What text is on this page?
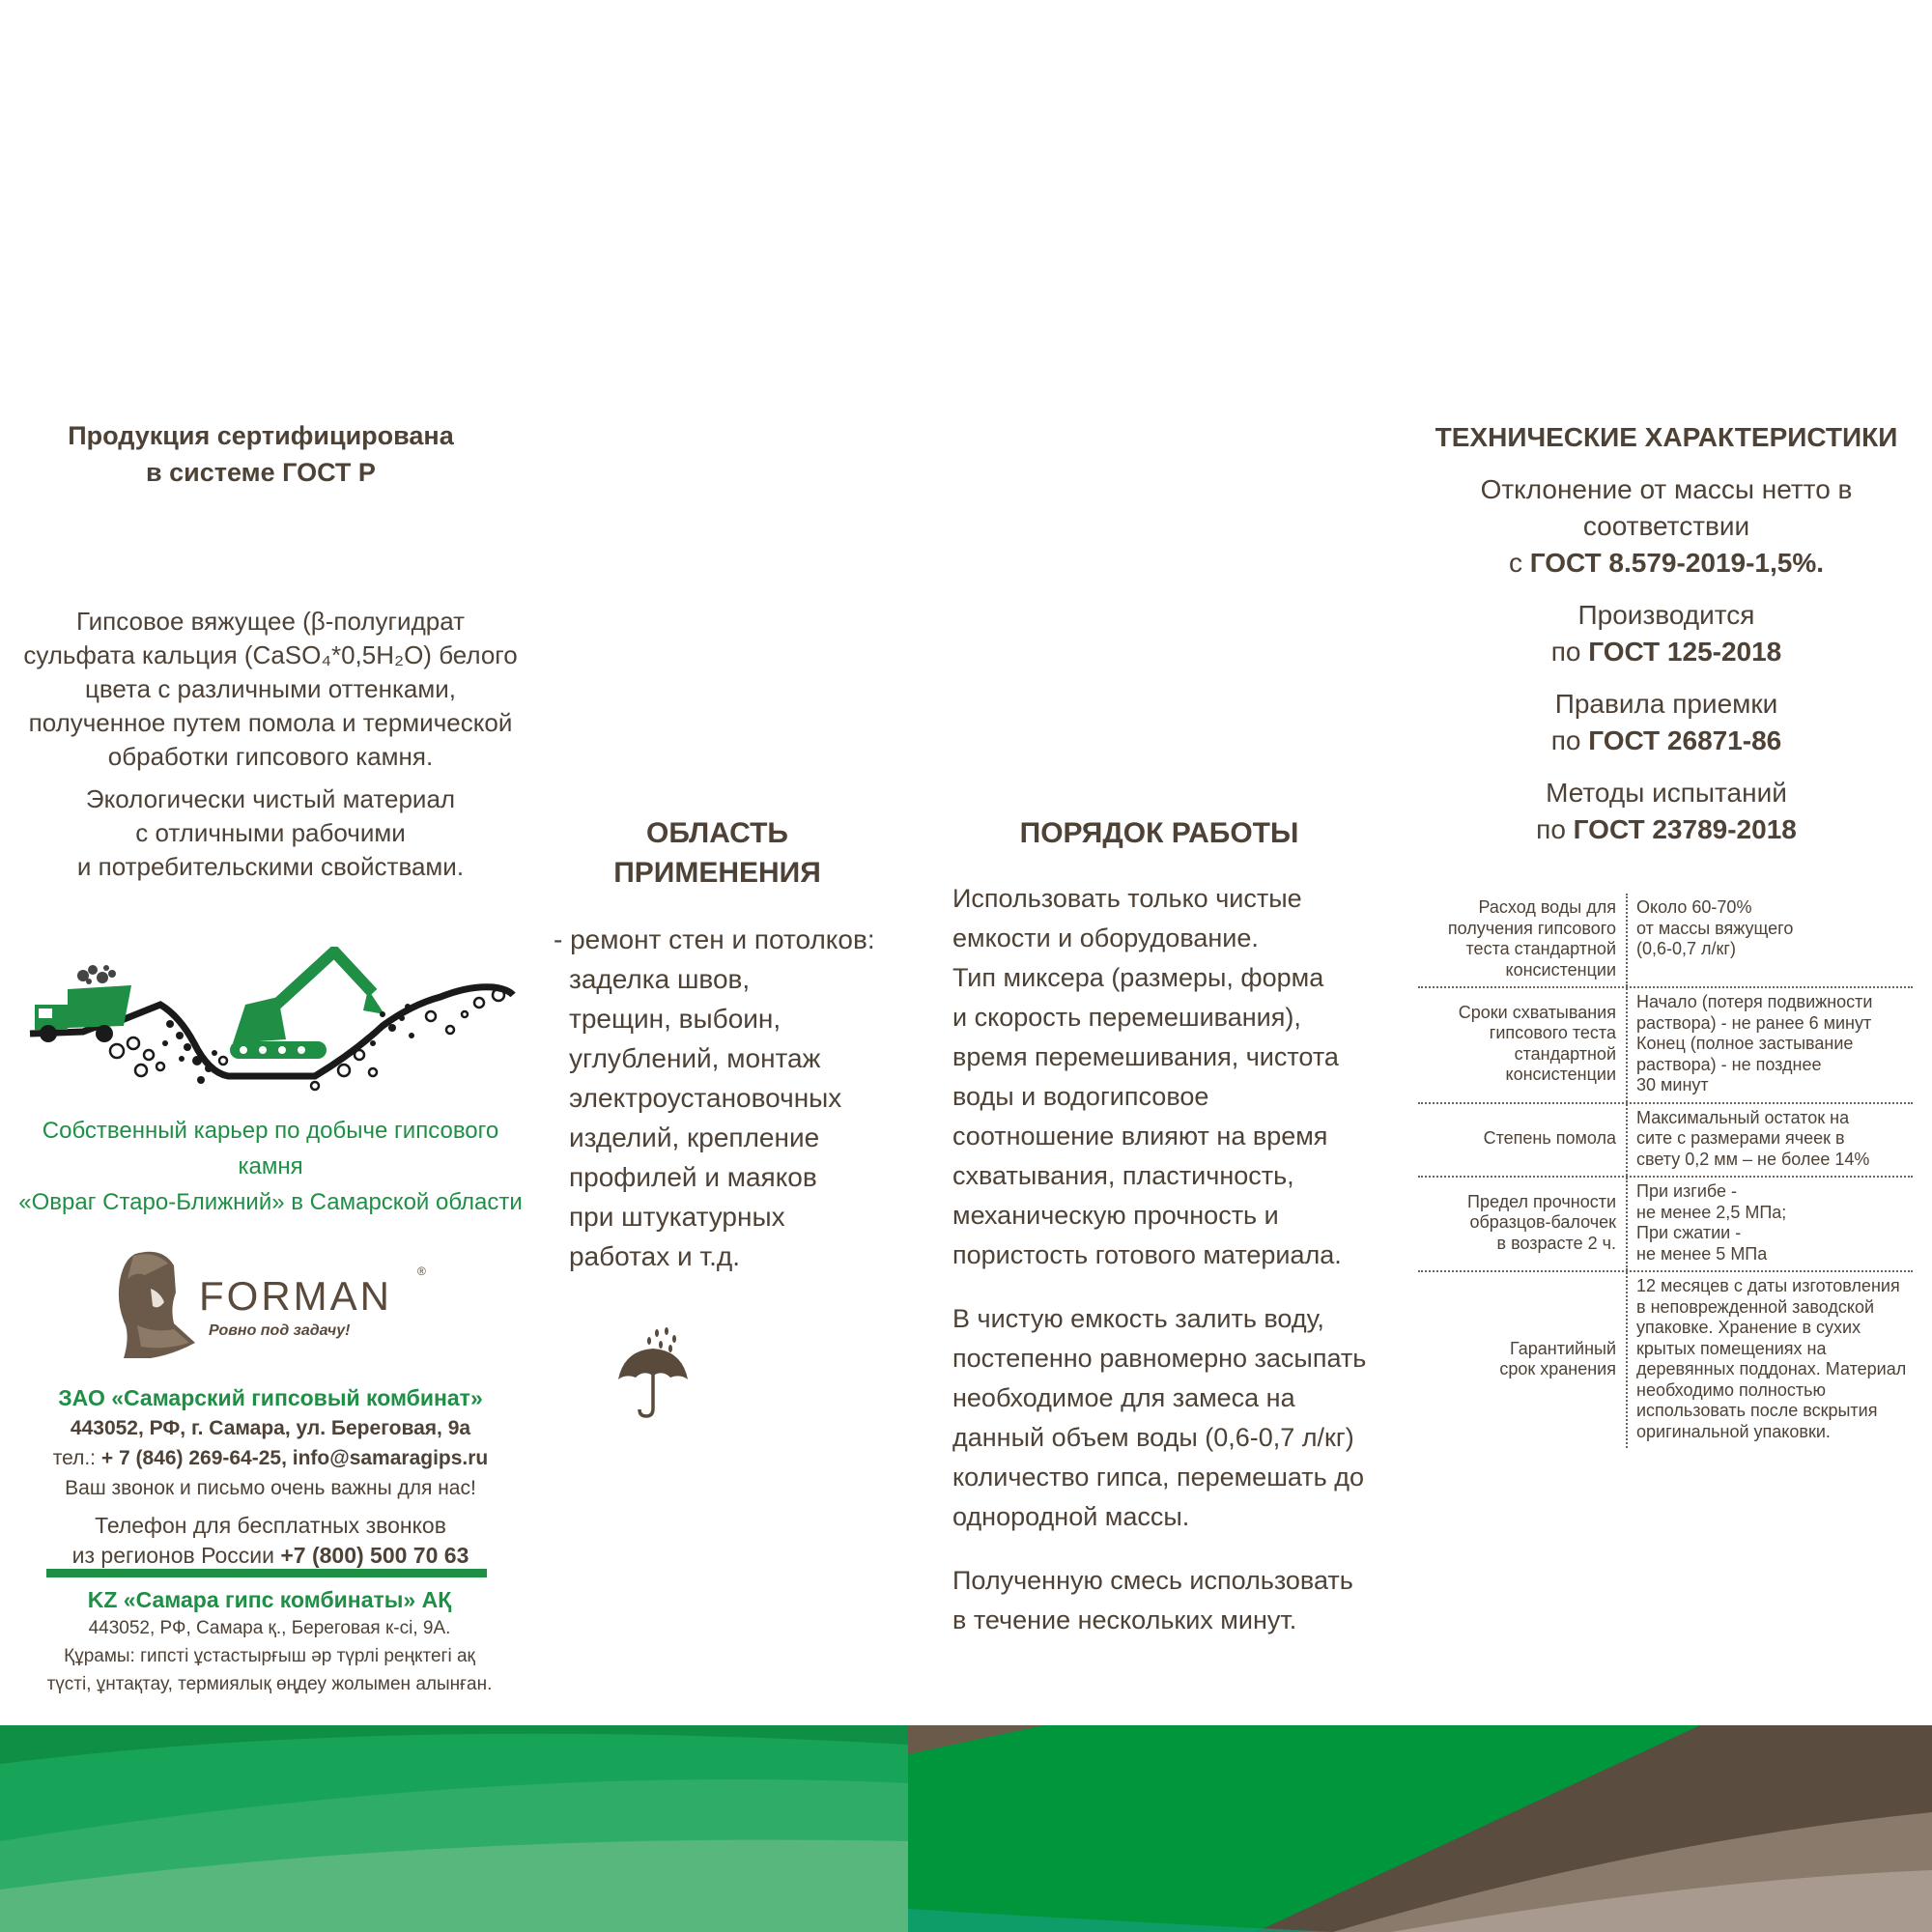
Продукция сертифицирована
в системе ГОСТ Р

Гипсовое вяжущее (β-полугидрат
сульфата кальция (CaSO₄*0,5H₂O) белого
цвета с различными оттенками,
полученное путем помола и термической
обработки гипсового камня.

Экологически чистый материал
с отличными рабочими
и потребительскими свойствами.

Собственный карьер по добыче гипсового камня
«Овраг Старо-Ближний» в Самарской области
FORMAN
®
Ровно под задачу!
ЗАО «Самарский гипсовый комбинат»
443052, РФ, г. Самара, ул. Береговая, 9а
тел.: + 7 (846) 269-64-25, info@samaragips.ru
Ваш звонок и письмо очень важны для нас!
Телефон для бесплатных звонков
из регионов России +7 (800) 500 70 63
KZ «Самара гипс комбинаты» АҚ
443052, РФ, Самара қ., Береговая к-сі, 9А.
Құрамы: гипсті ұстастырғыш әр түрлі реңктегі ақ
түсті, ұнтақтау, термиялық өңдеу жолымен алынған.
ОБЛАСТЬ
ПРИМЕНЕНИЯ
- ремонт стен и потолков:
заделка швов,
трещин, выбоин,
углублений, монтаж
электроустановочных
изделий, крепление
профилей и маяков
при штукатурных
работах и т.д.
ПОРЯДОК РАБОТЫ

Использовать только чистые
емкости и оборудование.
Тип миксера (размеры, форма
и скорость перемешивания),
время перемешивания, чистота
воды и водогипсовое
соотношение влияют на время
схватывания, пластичность,
механическую прочность и
пористость готового материала.

В чистую емкость залить воду,
постепенно равномерно засыпать
необходимое для замеса на
данный объем воды (0,6-0,7 л/кг)
количество гипса, перемешать до
однородной массы.

Полученную смесь использовать
в течение нескольких минут.

ТЕХНИЧЕСКИЕ ХАРАКТЕРИСТИКИ
Отклонение от массы нетто в
соответствии
с ГОСТ 8.579-2019-1,5%.
Производится
по ГОСТ 125-2018
Правила приемки
по ГОСТ 26871-86
Методы испытаний
по ГОСТ 23789-2018
Расход воды для
получения гипсового
теста стандартной
консистенции
Около 60-70%
от массы вяжущего
(0,6-0,7 л/кг)
Сроки схватывания
гипсового теста
стандартной
консистенции
Начало (потеря подвижности
раствора) - не ранее 6 минут
Конец (полное застывание
раствора) - не позднее
30 минут
Степень помола
Максимальный остаток на
сите с размерами ячеек в
свету 0,2 мм – не более 14%
Предел прочности
образцов-балочек
в возрасте 2 ч.
При изгибе -
не менее 2,5 МПа;
При сжатии -
не менее 5 МПа
Гарантийный
срок хранения
12 месяцев с даты изготовления
в неповрежденной заводской
упаковке. Хранение в сухих
крытых помещениях на
деревянных поддонах. Материал
необходимо полностью
использовать после вскрытия
оригинальной упаковки.
